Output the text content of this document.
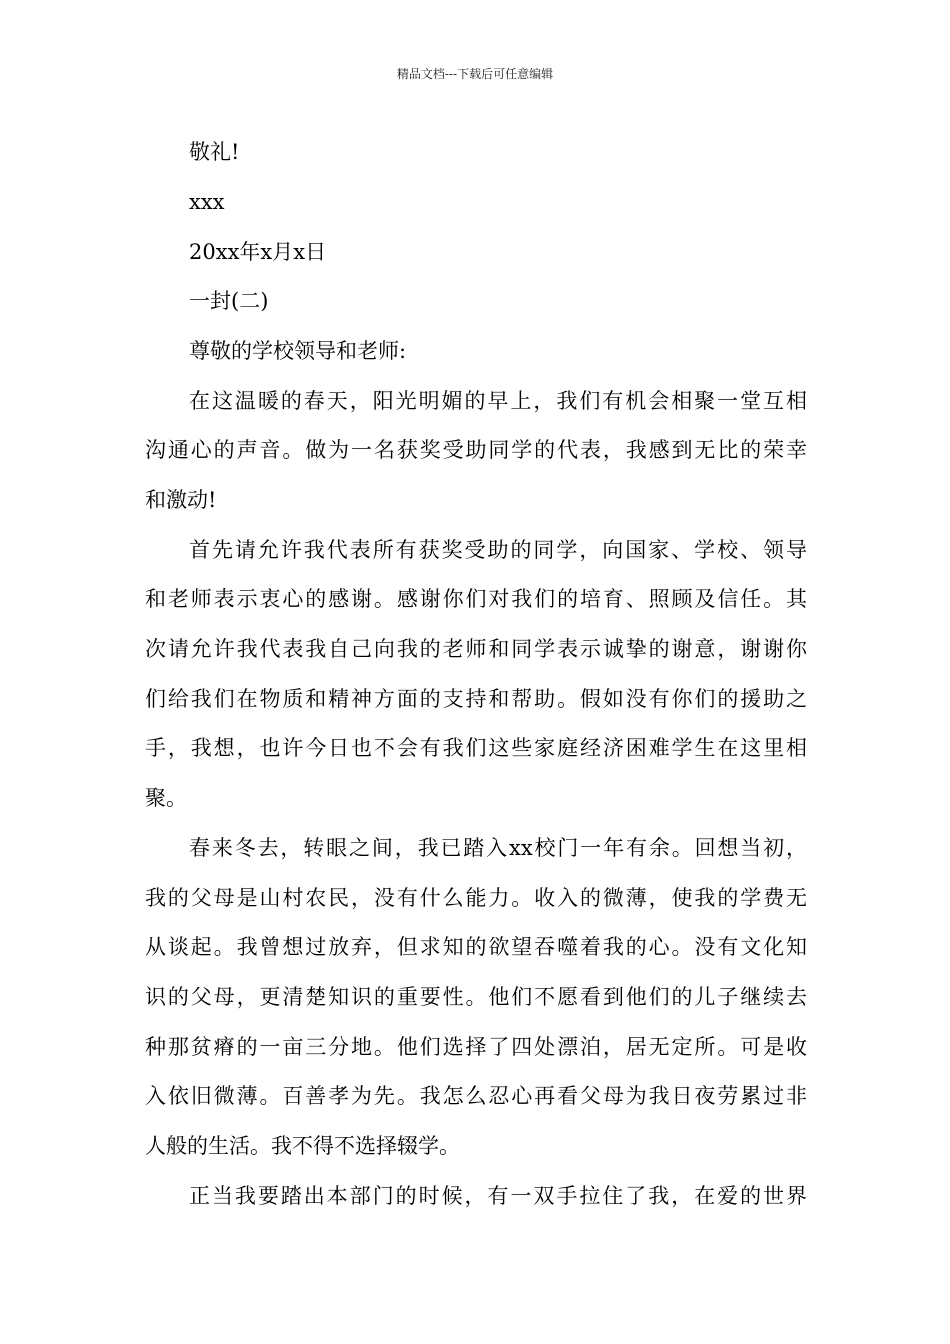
精品文档---下载后可任意编辑
敬礼!
xxx
20xx年x月x日
一封(二)
尊敬的学校领导和老师:
在这温暖的春天，阳光明媚的早上，我们有机会相聚一堂互相
沟通心的声音。做为一名获奖受助同学的代表，我感到无比的荣幸
和激动!
首先请允许我代表所有获奖受助的同学，向国家、学校、领导
和老师表示衷心的感谢。感谢你们对我们的培育、照顾及信任。其
次请允许我代表我自己向我的老师和同学表示诚挚的谢意，谢谢你
们给我们在物质和精神方面的支持和帮助。假如没有你们的援助之
手，我想，也许今日也不会有我们这些家庭经济困难学生在这里相
聚。
春来冬去，转眼之间，我已踏入xx校门一年有余。回想当初，
我的父母是山村农民，没有什么能力。收入的微薄，使我的学费无
从谈起。我曾想过放弃，但求知的欲望吞噬着我的心。没有文化知
识的父母，更清楚知识的重要性。他们不愿看到他们的儿子继续去
种那贫瘠的一亩三分地。他们选择了四处漂泊，居无定所。可是收
入依旧微薄。百善孝为先。我怎么忍心再看父母为我日夜劳累过非
人般的生活。我不得不选择辍学。
正当我要踏出本部门的时候，有一双手拉住了我，在爱的世界
